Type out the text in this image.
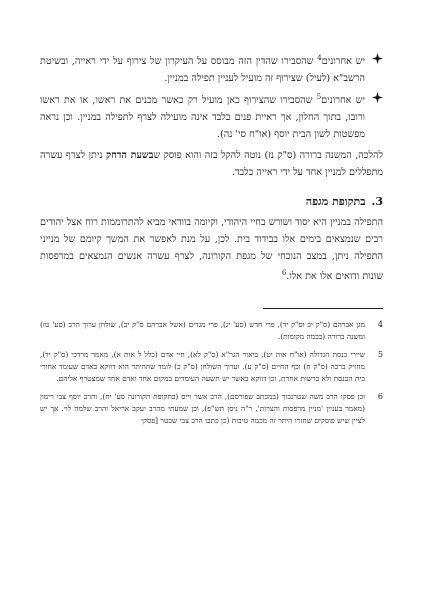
יש אחרונים$^4$ שהסבירו שהדין הזה מבוסס על העיקרון של צירוף על ידי ראייה, ובשיטת הרשב"א (לעיל) שצירוף זה מועיל לעניין תפילה במניין.
יש אחרונים$^5$ שהסבירו שהצירוף כאן מועיל רק כאשר מכנים את ראשו, או את ראשו ורובו, בתוך החלון, אך ראיית פנים בלבד אינה מועילה לצרף לתפילה במניין. וכן נראה מפשטות לשון הבית יוסף (או"ח סי' נה).

להלכה, המשנה ברורה (ס"ק נז) נוטה להקל בזה והוא פוסק שבשעת הדחק ניתן לצרף עשרה מתפללים למניין אחד על ידי ראייה בלבד.

3.
בתקופת מגפה

התפילה במניין היא יסוד ושורש בחיי היהודי, וקיומה בוודאי מביא להתרוממות רוח אצל יהודים רבים שנמצאים בימים אלו בבידוד בית. לכן, על מנת לאפשר את המשך קיומם של מנייני התפילה ניתן, במצב הנוכחי של מגפת הקורונה, לצרף עשרה אנשים הנמצאים במרפסות שונות ודואים אלו את אלו.$^6$

4
מגן אברהם (ס"ק יב וס"ק יד), פרי חדש (סע' יג), פרי מגדים (אשל אברהם ס"ק יב), שולחן ערוך הרב (סע' טז) ומשנה ברורה (בכמה מקומות).
5
שיירי כנסת הגדולה (או"ח אות יט), ביאור הגר"א (ס"ק לא), חיי אדם (כלל ל אות א), מאמר מרדכי (ס"ק יד), מחזיק ברכה (ס"ק ח) וכף החיים (ס"ק ע). וערוך השולחן (ס"ק כ) לומד שההיתר הוא דווקא באדם שעומד אחורי בית הכנסת ולא ברשות אחרת, וכן דווקא כאשר יש תשעה העומדים במקום אחד ואדם אחד שמצטרף אליהם.
6
וכן פסקו הרב משה שטרנבוך (במכתב שפורסם), הרב אשר וייס (בתקופת הקורונה סע' יח), והרב יוסף צבי רימון (מאמר בעניין 'מניין מרפסות והצרות', ר"ה ניסן תש"פ), וכן שמעתי מהרב יעקב אריאל והרב שלמה לוי. אך יש לציין שיש פוסקים שחזרו היתר זה מכמה טיבות (כן כתבו הרב צבי שכטר [פסקי
